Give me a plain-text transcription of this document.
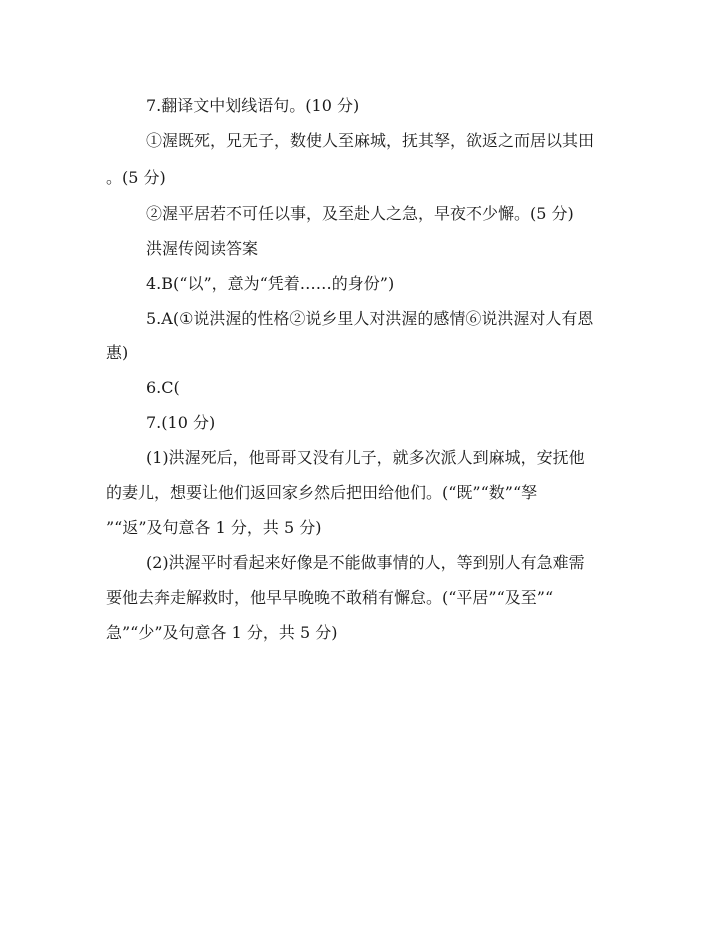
7.翻译文中划线语句。(10 分)
①渥既死，兄无子，数使人至麻城，抚其孥，欲返之而居以其田
。(5 分)
②渥平居若不可任以事，及至赴人之急，早夜不少懈。(5 分)
洪渥传阅读答案
4.B(“以”，意为“凭着……的身份”)
5.A(①说洪渥的性格②说乡里人对洪渥的感情⑥说洪渥对人有恩
惠)
6.C(
7.(10 分)
(1)洪渥死后，他哥哥又没有儿子，就多次派人到麻城，安抚他
的妻儿，想要让他们返回家乡然后把田给他们。(“既”“数”“孥
”“返”及句意各 1 分，共 5 分)
(2)洪渥平时看起来好像是不能做事情的人，等到别人有急难需
要他去奔走解救时，他早早晚晚不敢稍有懈怠。(“平居”“及至”“
急”“少”及句意各 1 分，共 5 分)
